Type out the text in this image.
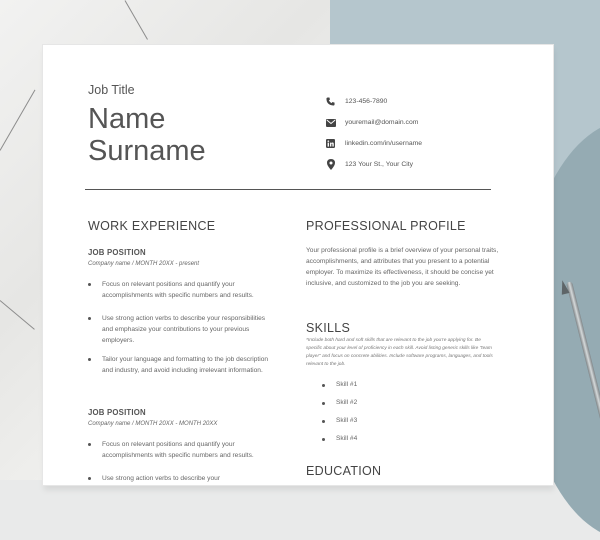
Job Title
Name
Surname
123-456-7890
youremail@domain.com
linkedin.com/in/username
123 Your St., Your City
WORK EXPERIENCE
JOB POSITION
Company name / MONTH 20XX - present
Focus on relevant positions and quantify your accomplishments with specific numbers and results.
Use strong action verbs to describe your responsibilities and emphasize your contributions to your previous employers.
Tailor your language and formatting to the job description and industry, and avoid including irrelevant information.
JOB POSITION
Company name / MONTH 20XX - MONTH 20XX
Focus on relevant positions and quantify your accomplishments with specific numbers and results.
Use strong action verbs to describe your
PROFESSIONAL PROFILE
Your professional profile is a brief overview of your personal traits, accomplishments, and attributes that you present to a potential employer. To maximize its effectiveness, it should be concise yet inclusive, and customized to the job you are seeking.
SKILLS
*Include both hard and soft skills that are relevant to the job you're applying for. Be specific about your level of proficiency in each skill. Avoid listing generic skills like "team player" and focus on concrete abilities. Include software programs, languages, and tools relevant to the job.
Skill #1
Skill #2
Skill #3
Skill #4
EDUCATION
